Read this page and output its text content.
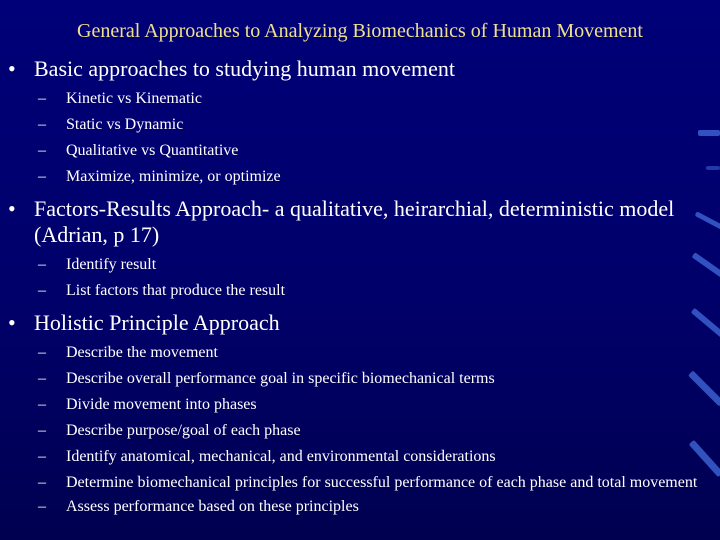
General Approaches to Analyzing Biomechanics of Human Movement
• Basic approaches to studying human movement
–	Kinetic vs Kinematic
–	Static vs Dynamic
–	Qualitative vs Quantitative
–	Maximize, minimize, or optimize
• Factors-Results Approach- a qualitative, heirarchial, deterministic model (Adrian, p 17)
–	Identify result
–	List factors that produce the result
• Holistic Principle Approach
–	Describe the movement
–	Describe overall performance goal in specific biomechanical terms
–	Divide movement into phases
–	Describe purpose/goal of each phase
–	Identify anatomical, mechanical, and environmental considerations
–	Determine biomechanical principles for successful performance of each phase and total movement
–	Assess performance based on these principles
